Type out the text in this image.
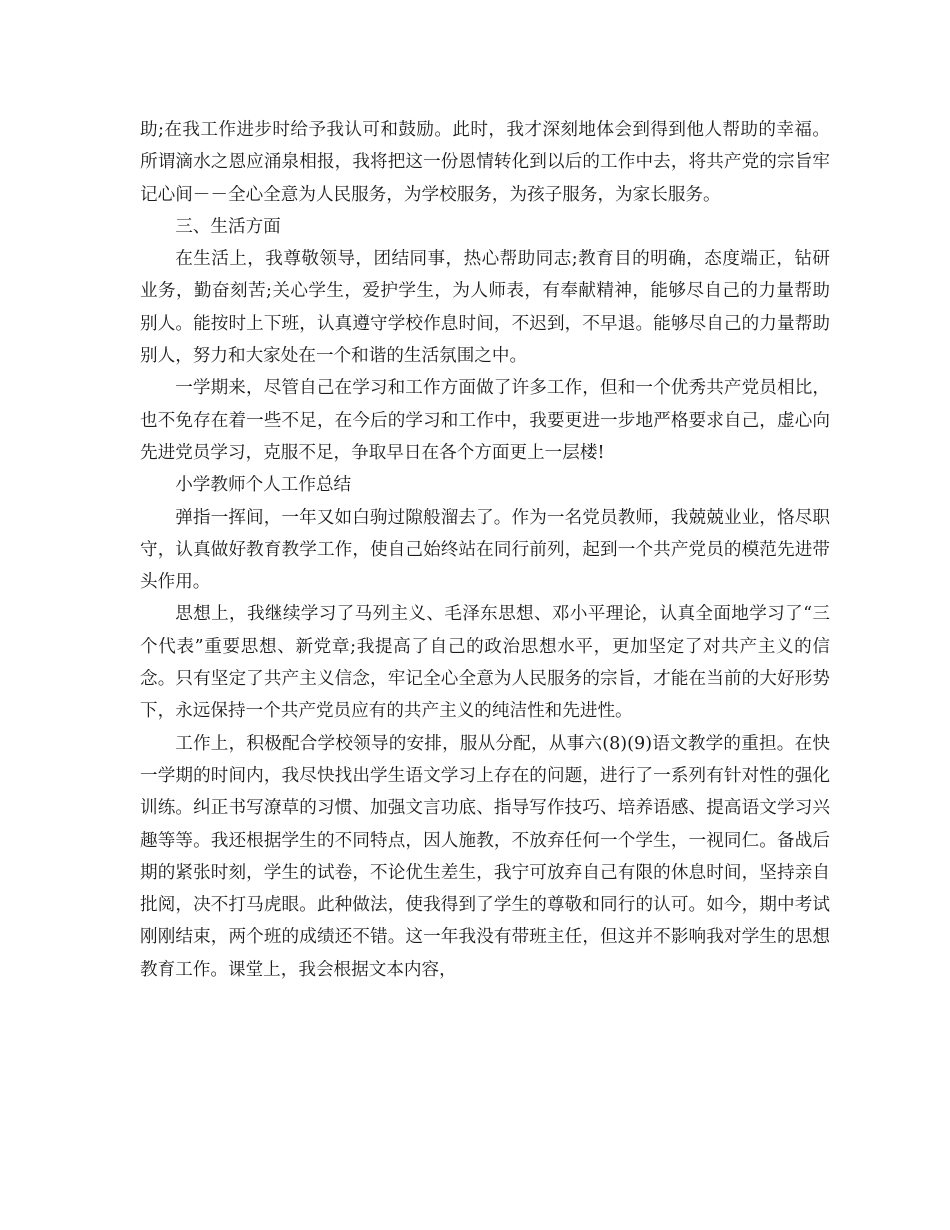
助;在我工作进步时给予我认可和鼓励。此时，我才深刻地体会到得到他人帮助的幸福。所谓滴水之恩应涌泉相报，我将把这一份恩情转化到以后的工作中去，将共产党的宗旨牢记心间－－全心全意为人民服务，为学校服务，为孩子服务，为家长服务。

三、生活方面

在生活上，我尊敬领导，团结同事，热心帮助同志;教育目的明确，态度端正，钻研业务，勤奋刻苦;关心学生，爱护学生，为人师表，有奉献精神，能够尽自己的力量帮助别人。能按时上下班，认真遵守学校作息时间，不迟到，不早退。能够尽自己的力量帮助别人，努力和大家处在一个和谐的生活氛围之中。

一学期来，尽管自己在学习和工作方面做了许多工作，但和一个优秀共产党员相比，也不免存在着一些不足，在今后的学习和工作中，我要更进一步地严格要求自己，虚心向先进党员学习，克服不足，争取早日在各个方面更上一层楼!

小学教师个人工作总结

弹指一挥间，一年又如白驹过隙般溜去了。作为一名党员教师，我兢兢业业，恪尽职守，认真做好教育教学工作，使自己始终站在同行前列，起到一个共产党员的模范先进带头作用。

思想上，我继续学习了马列主义、毛泽东思想、邓小平理论，认真全面地学习了“三个代表”重要思想、新党章;我提高了自己的政治思想水平，更加坚定了对共产主义的信念。只有坚定了共产主义信念，牢记全心全意为人民服务的宗旨，才能在当前的大好形势下，永远保持一个共产党员应有的共产主义的纯洁性和先进性。

工作上，积极配合学校领导的安排，服从分配，从事六(8)(9)语文教学的重担。在快一学期的时间内，我尽快找出学生语文学习上存在的问题，进行了一系列有针对性的强化训练。纠正书写潦草的习惯、加强文言功底、指导写作技巧、培养语感、提高语文学习兴趣等等。我还根据学生的不同特点，因人施教，不放弃任何一个学生，一视同仁。备战后期的紧张时刻，学生的试卷，不论优生差生，我宁可放弃自己有限的休息时间，坚持亲自批阅，决不打马虎眼。此种做法，使我得到了学生的尊敬和同行的认可。如今，期中考试刚刚结束，两个班的成绩还不错。这一年我没有带班主任，但这并不影响我对学生的思想教育工作。课堂上，我会根据文本内容，
